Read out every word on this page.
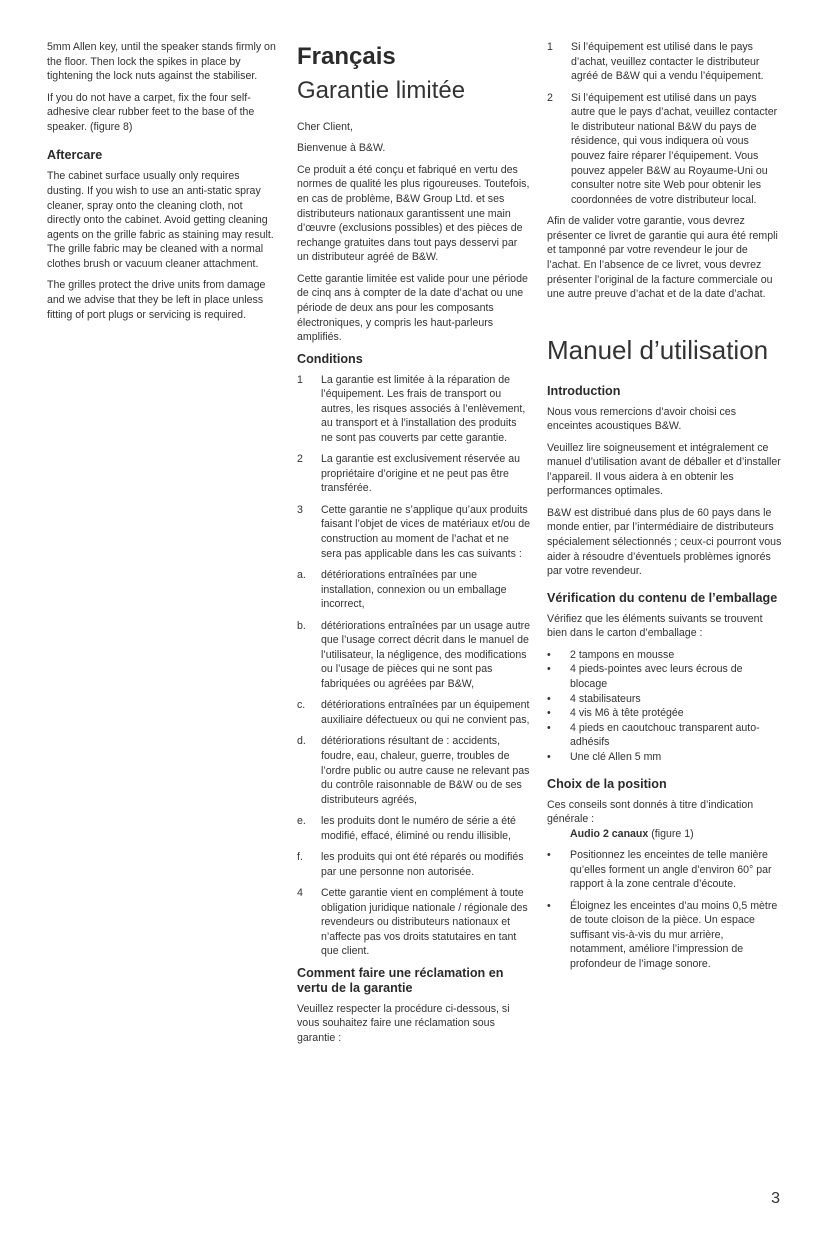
5mm Allen key, until the speaker stands firmly on the floor. Then lock the spikes in place by tightening the lock nuts against the stabiliser.

If you do not have a carpet, fix the four self-adhesive clear rubber feet to the base of the speaker. (figure 8)

Aftercare

The cabinet surface usually only requires dusting. If you wish to use an anti-static spray cleaner, spray onto the cleaning cloth, not directly onto the cabinet. Avoid getting cleaning agents on the grille fabric as staining may result. The grille fabric may be cleaned with a normal clothes brush or vacuum cleaner attachment.

The grilles protect the drive units from damage and we advise that they be left in place unless fitting of port plugs or servicing is required.

Français
Garantie limitée

Cher Client,

Bienvenue à B&W.

Ce produit a été conçu et fabriqué en vertu des normes de qualité les plus rigoureuses. Toutefois, en cas de problème, B&W Group Ltd. et ses distributeurs nationaux garantissent une main d’œuvre (exclusions possibles) et des pièces de rechange gratuites dans tout pays desservi par un distributeur agréé de B&W.

Cette garantie limitée est valide pour une période de cinq ans à compter de la date d’achat ou une période de deux ans pour les composants électroniques, y compris les haut-parleurs amplifiés.

Conditions
1	La garantie est limitée à la réparation de l’équipement. Les frais de transport ou autres, les risques associés à l’enlèvement, au transport et à l’installation des produits ne sont pas couverts par cette garantie.
2	La garantie est exclusivement réservée au propriétaire d’origine et ne peut pas être transférée.
3	Cette garantie ne s’applique qu’aux produits faisant l’objet de vices de matériaux et/ou de construction au moment de l’achat et ne sera pas applicable dans les cas suivants :
a.	détériorations entraînées par une installation, connexion ou un emballage incorrect,
b.	détériorations entraînées par un usage autre que l’usage correct décrit dans le manuel de l’utilisateur, la négligence, des modifications ou l’usage de pièces qui ne sont pas fabriquées ou agréées par B&W,
c.	détériorations entraînées par un équipement auxiliaire défectueux ou qui ne convient pas,
d.	détériorations résultant de : accidents, foudre, eau, chaleur, guerre, troubles de l’ordre public ou autre cause ne relevant pas du contrôle raisonnable de B&W ou de ses distributeurs agréés,
e.	les produits dont le numéro de série a été modifié, effacé, éliminé ou rendu illisible,
f.	les produits qui ont été réparés ou modifiés par une personne non autorisée.
4	Cette garantie vient en complément à toute obligation juridique nationale / régionale des revendeurs ou distributeurs nationaux et n’affecte pas vos droits statutaires en tant que client.
Comment faire une réclamation en vertu de la garantie

Veuillez respecter la procédure ci-dessous, si vous souhaitez faire une réclamation sous garantie :

1	Si l’équipement est utilisé dans le pays d’achat, veuillez contacter le distributeur agréé de B&W qui a vendu l’équipement.
2	Si l’équipement est utilisé dans un pays autre que le pays d’achat, veuillez contacter le distributeur national B&W du pays de résidence, qui vous indiquera où vous pouvez faire réparer l’équipement. Vous pouvez appeler B&W au Royaume-Uni ou consulter notre site Web pour obtenir les coordonnées de votre distributeur local.

Afin de valider votre garantie, vous devrez présenter ce livret de garantie qui aura été rempli et tamponné par votre revendeur le jour de l’achat. En l’absence de ce livret, vous devrez présenter l’original de la facture commerciale ou une autre preuve d’achat et de la date d’achat.

Manuel d’utilisation
Introduction

Nous vous remercions d’avoir choisi ces enceintes acoustiques B&W.

Veuillez lire soigneusement et intégralement ce manuel d’utilisation avant de déballer et d’installer l’appareil. Il vous aidera à en obtenir les performances optimales.

B&W est distribué dans plus de 60 pays dans le monde entier, par l’intermédiaire de distributeurs spécialement sélectionnés ; ceux-ci pourront vous aider à résoudre d’éventuels problèmes ignorés par votre revendeur.

Vérification du contenu de l’emballage

Vérifiez que les éléments suivants se trouvent bien dans le carton d’emballage :

•	2 tampons en mousse
•	4 pieds-pointes avec leurs écrous de blocage
•	4 stabilisateurs
•	4 vis M6 à tête protégée
•	4 pieds en caoutchouc transparent auto-adhésifs
•	Une clé Allen 5 mm
Choix de la position

Ces conseils sont donnés à titre d’indication générale :

Audio 2 canaux (figure 1)

•	Positionnez les enceintes de telle manière qu’elles forment un angle d’environ 60° par rapport à la zone centrale d’écoute.
•	Éloignez les enceintes d’au moins 0,5 mètre de toute cloison de la pièce. Un espace suffisant vis-à-vis du mur arrière, notamment, améliore l’impression de profondeur de l’image sonore.
3
